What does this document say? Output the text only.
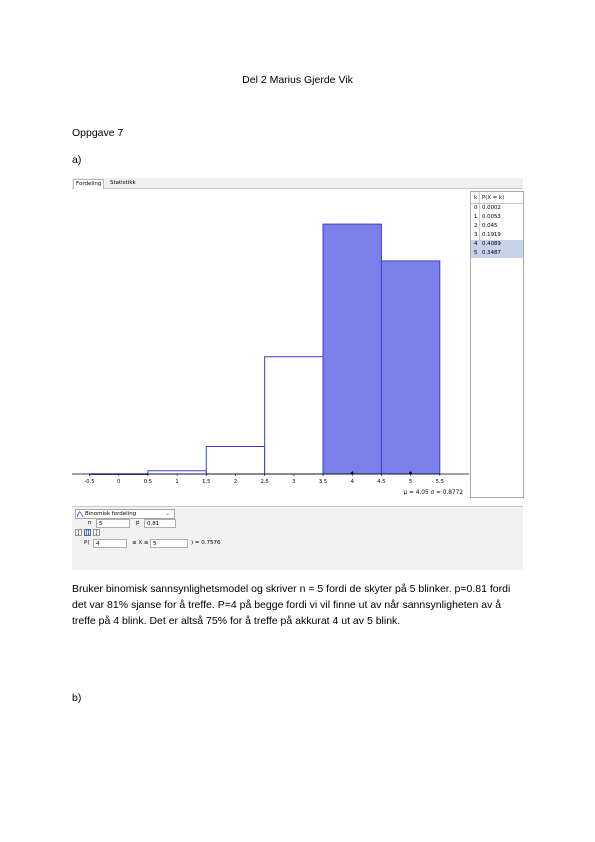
Del 2 Marius Gjerde Vik
Oppgave 7
a)
Fordeling	Statistikk
-0.5	0	0.5	1	1.5	2	2.5	3	3.5	4	4.5	5	5.5
μ = 4.05 σ = 0.8772
k P(X = k)
0 0.0002
1 0.0053
2 0.045
3 0.1919
4 0.4089
5 0.3487
Binomisk fordeling	⌄
n	5	p	0.81
]	[]	[
P(	4	≤ X ≤ 5	) = 0.7576
Bruker binomisk sannsynlighetsmodel og skriver n = 5 fordi de skyter på 5 blinker. p=0.81 fordi det var 81% sjanse for å treffe. P=4 på begge fordi vi vil finne ut av når sannsynligheten av å treffe på 4 blink. Det er altså 75% for å treffe på akkurat 4 ut av 5 blink.
b)
